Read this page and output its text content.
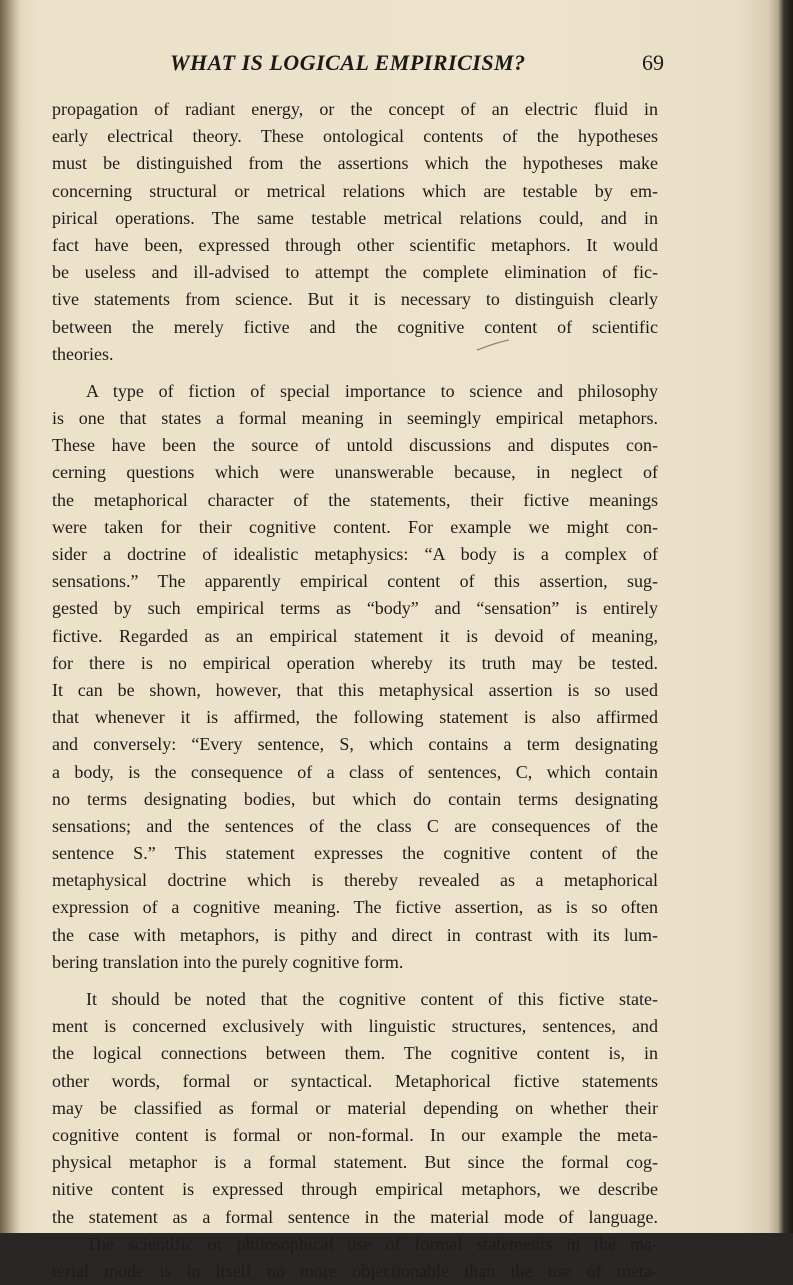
WHAT IS LOGICAL EMPIRICISM?	69
propagation of radiant energy, or the concept of an electric fluid in
early electrical theory. These ontological contents of the hypotheses
must be distinguished from the assertions which the hypotheses make
concerning structural or metrical relations which are testable by em-
pirical operations. The same testable metrical relations could, and in
fact have been, expressed through other scientific metaphors. It would
be useless and ill-advised to attempt the complete elimination of fic-
tive statements from science. But it is necessary to distinguish clearly
between the merely fictive and the cognitive content of scientific
theories.
A type of fiction of special importance to science and philosophy
is one that states a formal meaning in seemingly empirical metaphors.
These have been the source of untold discussions and disputes con-
cerning questions which were unanswerable because, in neglect of
the metaphorical character of the statements, their fictive meanings
were taken for their cognitive content. For example we might con-
sider a doctrine of idealistic metaphysics: “A body is a complex of
sensations.” The apparently empirical content of this assertion, sug-
gested by such empirical terms as “body” and “sensation” is entirely
fictive. Regarded as an empirical statement it is devoid of meaning,
for there is no empirical operation whereby its truth may be tested.
It can be shown, however, that this metaphysical assertion is so used
that whenever it is affirmed, the following statement is also affirmed
and conversely: “Every sentence, S, which contains a term designating
a body, is the consequence of a class of sentences, C, which contain
no terms designating bodies, but which do contain terms designating
sensations; and the sentences of the class C are consequences of the
sentence S.” This statement expresses the cognitive content of the
metaphysical doctrine which is thereby revealed as a metaphorical
expression of a cognitive meaning. The fictive assertion, as is so often
the case with metaphors, is pithy and direct in contrast with its lum-
bering translation into the purely cognitive form.
It should be noted that the cognitive content of this fictive state-
ment is concerned exclusively with linguistic structures, sentences, and
the logical connections between them. The cognitive content is, in
other words, formal or syntactical. Metaphorical fictive statements
may be classified as formal or material depending on whether their
cognitive content is formal or non-formal. In our example the meta-
physical metaphor is a formal statement. But since the formal cog-
nitive content is expressed through empirical metaphors, we describe
the statement as a formal sentence in the material mode of language.
The scientific or philosophical use of formal statements in the ma-
terial mode is in itself no more objectionable than the use of meta-
